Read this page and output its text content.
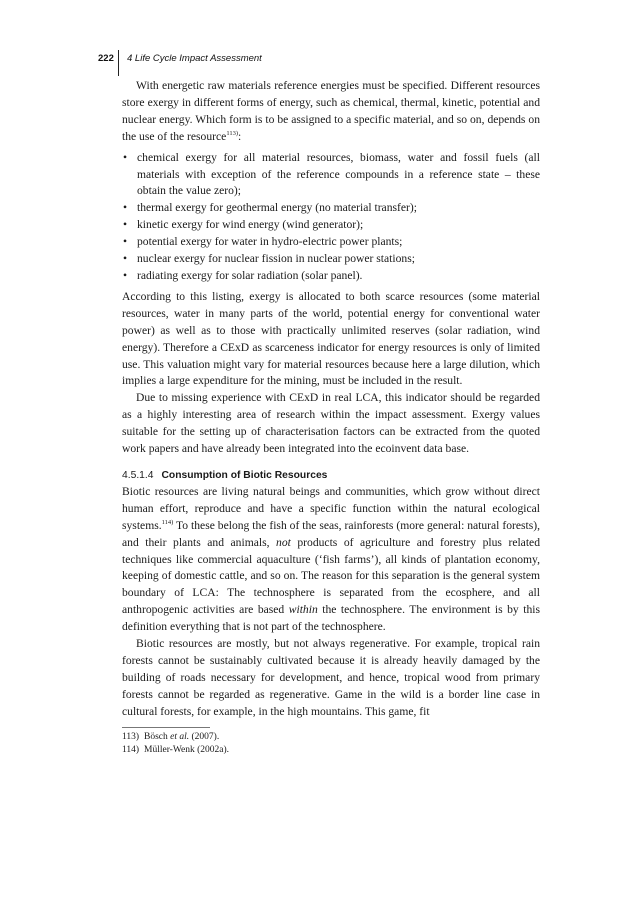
222 4 Life Cycle Impact Assessment

With energetic raw materials reference energies must be specified. Different resources store exergy in different forms of energy, such as chemical, thermal, kinetic, potential and nuclear energy. Which form is to be assigned to a specific material, and so on, depends on the use of the resource$^{113)}$:

• chemical exergy for all material resources, biomass, water and fossil fuels (all materials with exception of the reference compounds in a reference state – these obtain the value zero);
• thermal exergy for geothermal energy (no material transfer);
• kinetic exergy for wind energy (wind generator);
• potential exergy for water in hydro-electric power plants;
• nuclear exergy for nuclear fission in nuclear power stations;
• radiating exergy for solar radiation (solar panel).

According to this listing, exergy is allocated to both scarce resources (some material resources, water in many parts of the world, potential energy for conventional water power) as well as to those with practically unlimited reserves (solar radiation, wind energy). Therefore a CExD as scarceness indicator for energy resources is only of limited use. This valuation might vary for material resources because here a large dilution, which implies a large expenditure for the mining, must be included in the result.

Due to missing experience with CExD in real LCA, this indicator should be regarded as a highly interesting area of research within the impact assessment. Exergy values suitable for the setting up of characterisation factors can be extracted from the quoted work papers and have already been integrated into the ecoinvent data base.

4.5.1.4 Consumption of Biotic Resources

Biotic resources are living natural beings and communities, which grow without direct human effort, reproduce and have a specific function within the natural ecological systems.$^{114)}$ To these belong the fish of the seas, rainforests (more general: natural forests), and their plants and animals, not products of agriculture and forestry plus related techniques like commercial aquaculture (‘fish farms’), all kinds of plantation economy, keeping of domestic cattle, and so on. The reason for this separation is the general system boundary of LCA: The technosphere is separated from the ecosphere, and all anthropogenic activities are based within the technosphere. The environment is by this definition everything that is not part of the technosphere.

Biotic resources are mostly, but not always regenerative. For example, tropical rain forests cannot be sustainably cultivated because it is already heavily damaged by the building of roads necessary for development, and hence, tropical wood from primary forests cannot be regarded as regenerative. Game in the wild is a border line case in cultural forests, for example, in the high mountains. This game, fit

113) Bösch et al. (2007).
114) Müller-Wenk (2002a).
